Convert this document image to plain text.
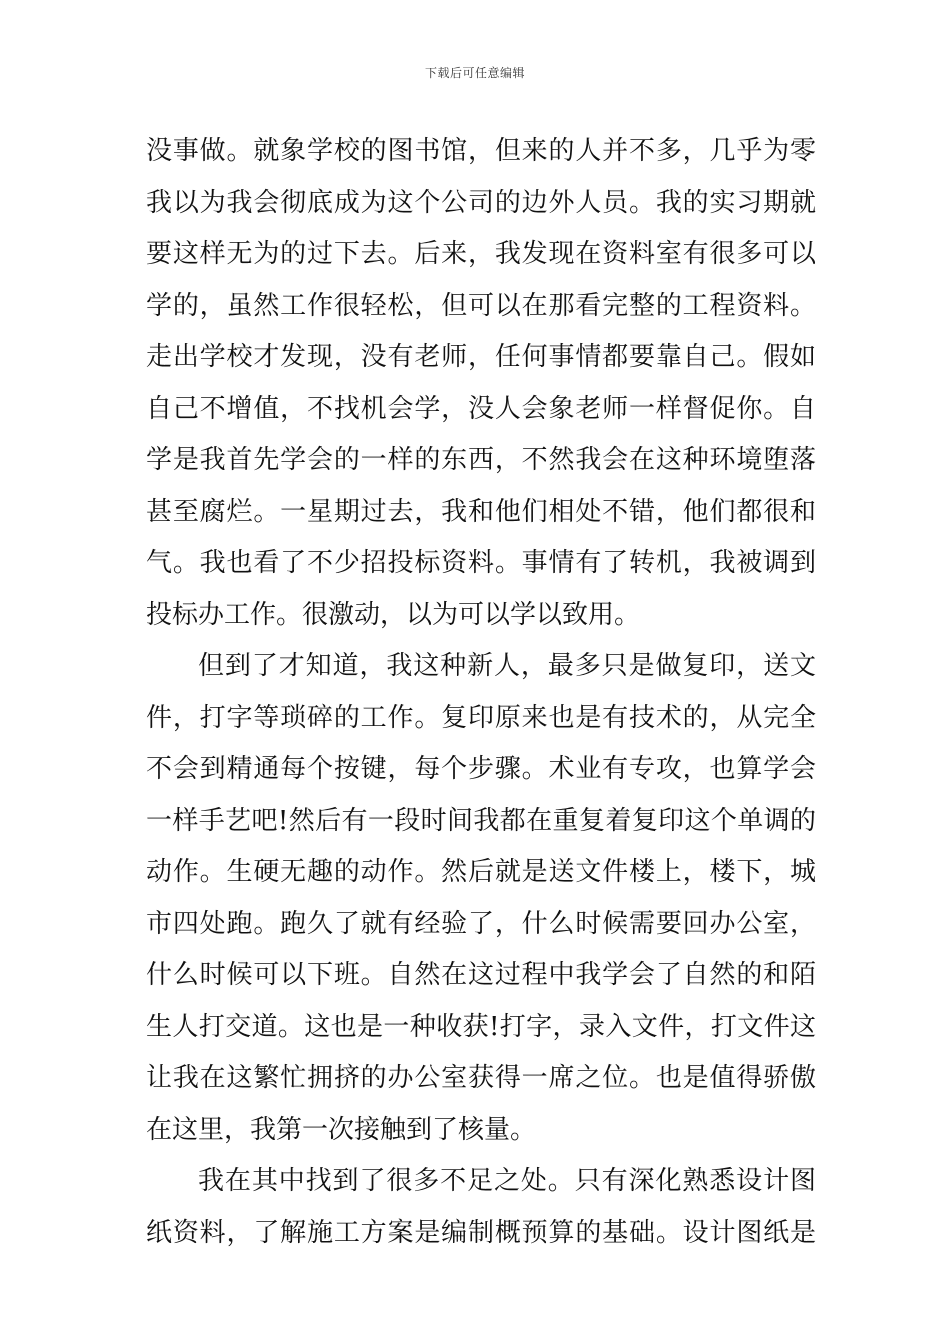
下载后可任意编辑
没事做。就象学校的图书馆，但来的人并不多，几乎为零
我以为我会彻底成为这个公司的边外人员。我的实习期就
要这样无为的过下去。后来，我发现在资料室有很多可以
学的，虽然工作很轻松，但可以在那看完整的工程资料。
走出学校才发现，没有老师，任何事情都要靠自己。假如
自己不增值，不找机会学，没人会象老师一样督促你。自
学是我首先学会的一样的东西，不然我会在这种环境堕落
甚至腐烂。一星期过去，我和他们相处不错，他们都很和
气。我也看了不少招投标资料。事情有了转机，我被调到
投标办工作。很激动，以为可以学以致用。
但到了才知道，我这种新人，最多只是做复印，送文
件，打字等琐碎的工作。复印原来也是有技术的，从完全
不会到精通每个按键，每个步骤。术业有专攻，也算学会
一样手艺吧!然后有一段时间我都在重复着复印这个单调的
动作。生硬无趣的动作。然后就是送文件楼上，楼下，城
市四处跑。跑久了就有经验了，什么时候需要回办公室，
什么时候可以下班。自然在这过程中我学会了自然的和陌
生人打交道。这也是一种收获!打字，录入文件，打文件这
让我在这繁忙拥挤的办公室获得一席之位。也是值得骄傲
在这里，我第一次接触到了核量。
我在其中找到了很多不足之处。只有深化熟悉设计图
纸资料，了解施工方案是编制概预算的基础。设计图纸是
